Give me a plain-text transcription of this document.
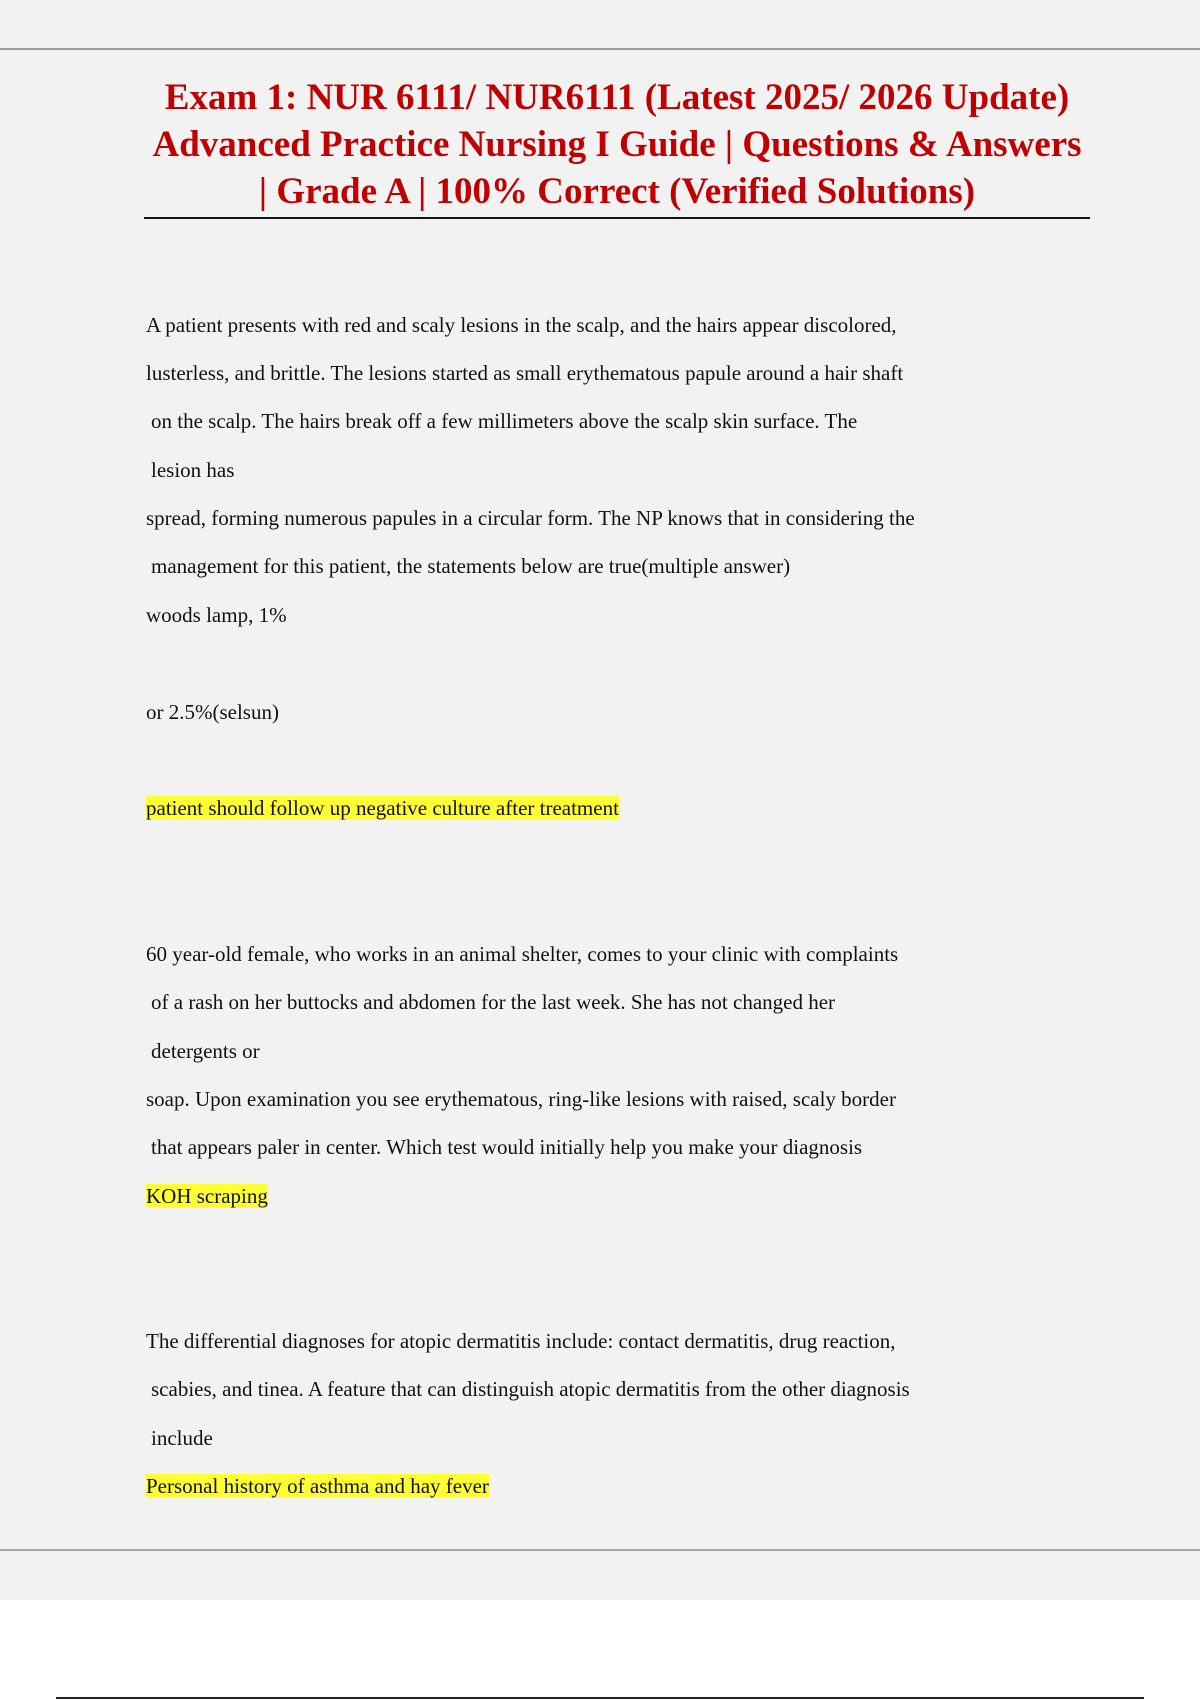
Exam 1: NUR 6111/ NUR6111 (Latest 2025/ 2026 Update) Advanced Practice Nursing I Guide | Questions & Answers | Grade A | 100% Correct (Verified Solutions)
A patient presents with red and scaly lesions in the scalp, and the hairs appear discolored,
lusterless, and brittle. The lesions started as small erythematous papule around a hair shaft
on the scalp. The hairs break off a few millimeters above the scalp skin surface. The
lesion has
spread, forming numerous papules in a circular form. The NP knows that in considering the
management for this patient, the statements below are true(multiple answer)
woods lamp, 1%
or 2.5%(selsun)
patient should follow up negative culture after treatment
60 year-old female, who works in an animal shelter, comes to your clinic with complaints
of a rash on her buttocks and abdomen for the last week. She has not changed her
detergents or
soap. Upon examination you see erythematous, ring-like lesions with raised, scaly border
that appears paler in center. Which test would initially help you make your diagnosis
KOH scraping
The differential diagnoses for atopic dermatitis include: contact dermatitis, drug reaction,
scabies, and tinea. A feature that can distinguish atopic dermatitis from the other diagnosis
include
Personal history of asthma and hay fever
